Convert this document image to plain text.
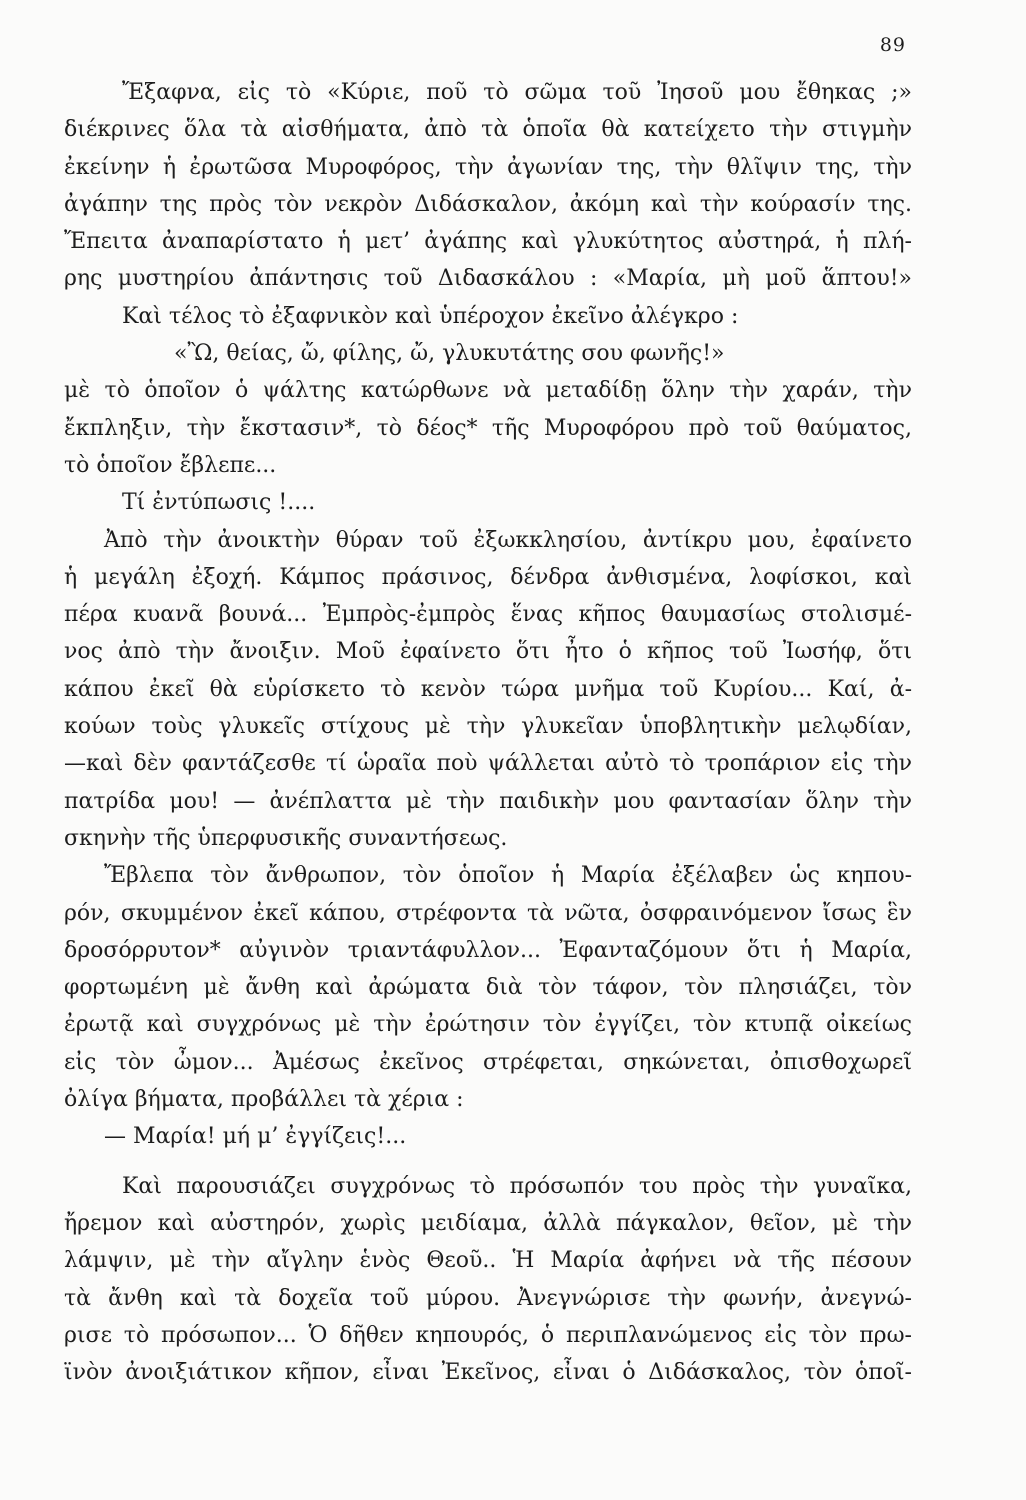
89
Ἔξαφνα, εἰς τὸ «Κύριε, ποῦ τὸ σῶμα τοῦ Ἰησοῦ μου ἔθηκας ;»
διέκρινες ὅλα τὰ αἰσθήματα, ἀπὸ τὰ ὁποῖα θὰ κατείχετο τὴν στιγμὴν
ἐκείνην ἡ ἐρωτῶσα Μυροφόρος, τὴν ἀγωνίαν της, τὴν θλῖψιν της, τὴν
ἀγάπην της πρὸς τὸν νεκρὸν Διδάσκαλον, ἀκόμη καὶ τὴν κούρασίν της.
Ἔπειτα ἀναπαρίστατο ἡ μετ’ ἀγάπης καὶ γλυκύτητος αὐστηρά, ἡ πλή-
ρης μυστηρίου ἀπάντησις τοῦ Διδασκάλου : «Μαρία, μὴ μοῦ ἅπτου!»
Καὶ τέλος τὸ ἐξαφνικὸν καὶ ὑπέροχον ἐκεῖνο ἀλέγκρο :
«Ὢ, θείας, ὤ, φίλης, ὤ, γλυκυτάτης σου φωνῆς!»
μὲ τὸ ὁποῖον ὁ ψάλτης κατώρθωνε νὰ μεταδίδῃ ὅλην τὴν χαράν, τὴν
ἔκπληξιν, τὴν ἔκστασιν*, τὸ δέος* τῆς Μυροφόρου πρὸ τοῦ θαύματος,
τὸ ὁποῖον ἔβλεπε...
Τί ἐντύπωσις !....
Ἀπὸ τὴν ἀνοικτὴν θύραν τοῦ ἐξωκκλησίου, ἀντίκρυ μου, ἐφαίνετο
ἡ μεγάλη ἐξοχή. Κάμπος πράσινος, δένδρα ἀνθισμένα, λοφίσκοι, καὶ
πέρα κυανᾶ βουνά... Ἐμπρὸς-ἐμπρὸς ἕνας κῆπος θαυμασίως στολισμέ-
νος ἀπὸ τὴν ἄνοιξιν. Μοῦ ἐφαίνετο ὅτι ἦτο ὁ κῆπος τοῦ Ἰωσήφ, ὅτι
κάπου ἐκεῖ θὰ εὑρίσκετο τὸ κενὸν τώρα μνῆμα τοῦ Κυρίου... Καί, ἀ-
κούων τοὺς γλυκεῖς στίχους μὲ τὴν γλυκεῖαν ὑποβλητικὴν μελῳδίαν,
—καὶ δὲν φαντάζεσθε τί ὡραῖα ποὺ ψάλλεται αὐτὸ τὸ τροπάριον εἰς τὴν
πατρίδα μου! — ἀνέπλαττα μὲ τὴν παιδικὴν μου φαντασίαν ὅλην τὴν
σκηνὴν τῆς ὑπερφυσικῆς συναντήσεως.
Ἔβλεπα τὸν ἄνθρωπον, τὸν ὁποῖον ἡ Μαρία ἐξέλαβεν ὡς κηπου-
ρόν, σκυμμένον ἐκεῖ κάπου, στρέφοντα τὰ νῶτα, ὀσφραινόμενον ἴσως ἓν
δροσόρρυτον* αὐγινὸν τριαντάφυλλον... Ἐφανταζόμουν ὅτι ἡ Μαρία,
φορτωμένη μὲ ἄνθη καὶ ἀρώματα διὰ τὸν τάφον, τὸν πλησιάζει, τὸν
ἐρωτᾷ καὶ συγχρόνως μὲ τὴν ἐρώτησιν τὸν ἐγγίζει, τὸν κτυπᾷ οἰκείως
εἰς τὸν ὦμον... Ἀμέσως ἐκεῖνος στρέφεται, σηκώνεται, ὀπισθοχωρεῖ
ὀλίγα βήματα, προβάλλει τὰ χέρια :
— Μαρία! μή μ’ ἐγγίζεις!...
Καὶ παρουσιάζει συγχρόνως τὸ πρόσωπόν του πρὸς τὴν γυναῖκα,
ἤρεμον καὶ αὐστηρόν, χωρὶς μειδίαμα, ἀλλὰ πάγκαλον, θεῖον, μὲ τὴν
λάμψιν, μὲ τὴν αἴγλην ἑνὸς Θεοῦ.. Ἡ Μαρία ἀφήνει νὰ τῆς πέσουν
τὰ ἄνθη καὶ τὰ δοχεῖα τοῦ μύρου. Ἀνεγνώρισε τὴν φωνήν, ἀνεγνώ-
ρισε τὸ πρόσωπον... Ὁ δῆθεν κηπουρός, ὁ περιπλανώμενος εἰς τὸν πρω-
ϊνὸν ἀνοιξιάτικον κῆπον, εἶναι Ἐκεῖνος, εἶναι ὁ Διδάσκαλος, τὸν ὁποῖ-
